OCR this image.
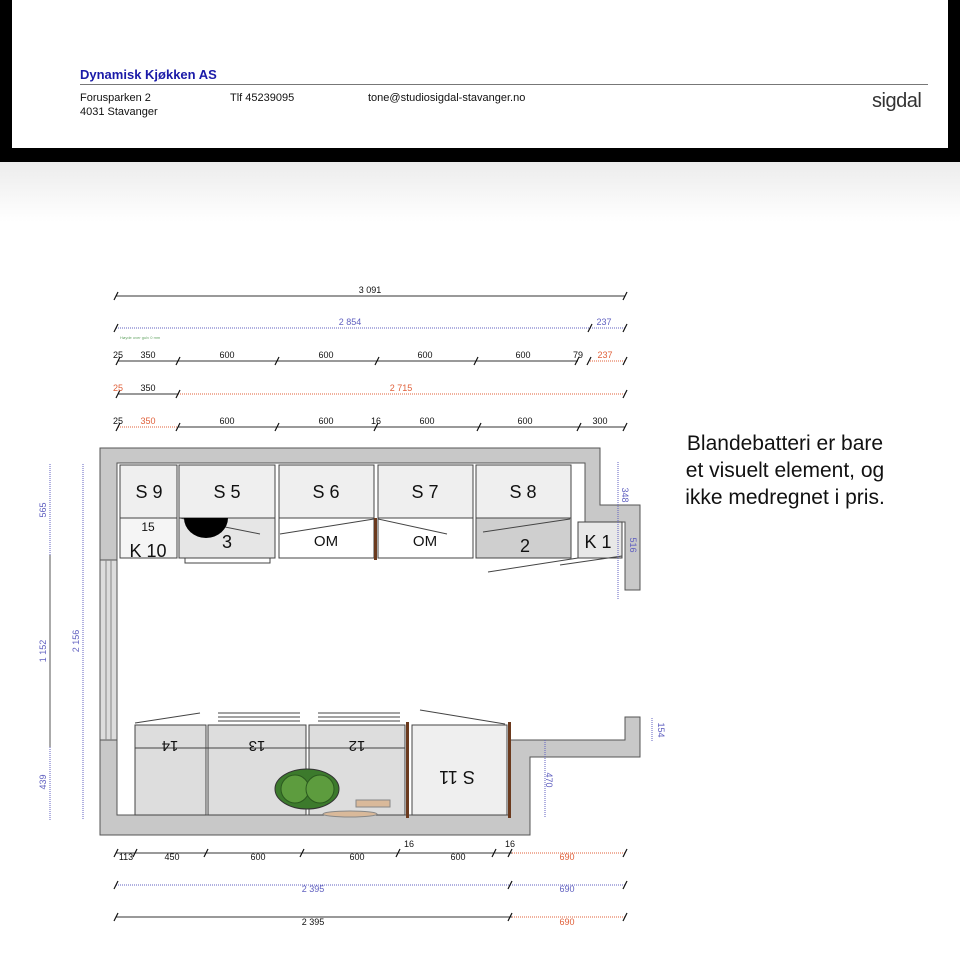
Dynamisk Kjøkken AS
Forusparken 2
4031 Stavanger
Tlf 45239095	tone@studiosigdal-stavanger.no	sigdal
Blandebatteri er bare
et visuelt element, og
ikke medregnet i pris.
3 091
2 854	237
Høyde over gulv 0 mm
25 350	600	600	600	600	79 237
25 350	2 715
25 350	600	600	16	600	600	300
S 9	S 5	S 6	S 7	S 8
K 10
15
3	OM	OM	2	K 1
14	13	12
S 11
565
1 152
439
2 156
348
516
154
470
113	450	600	600
16
600
16
690
2 395	690
2 395	690
